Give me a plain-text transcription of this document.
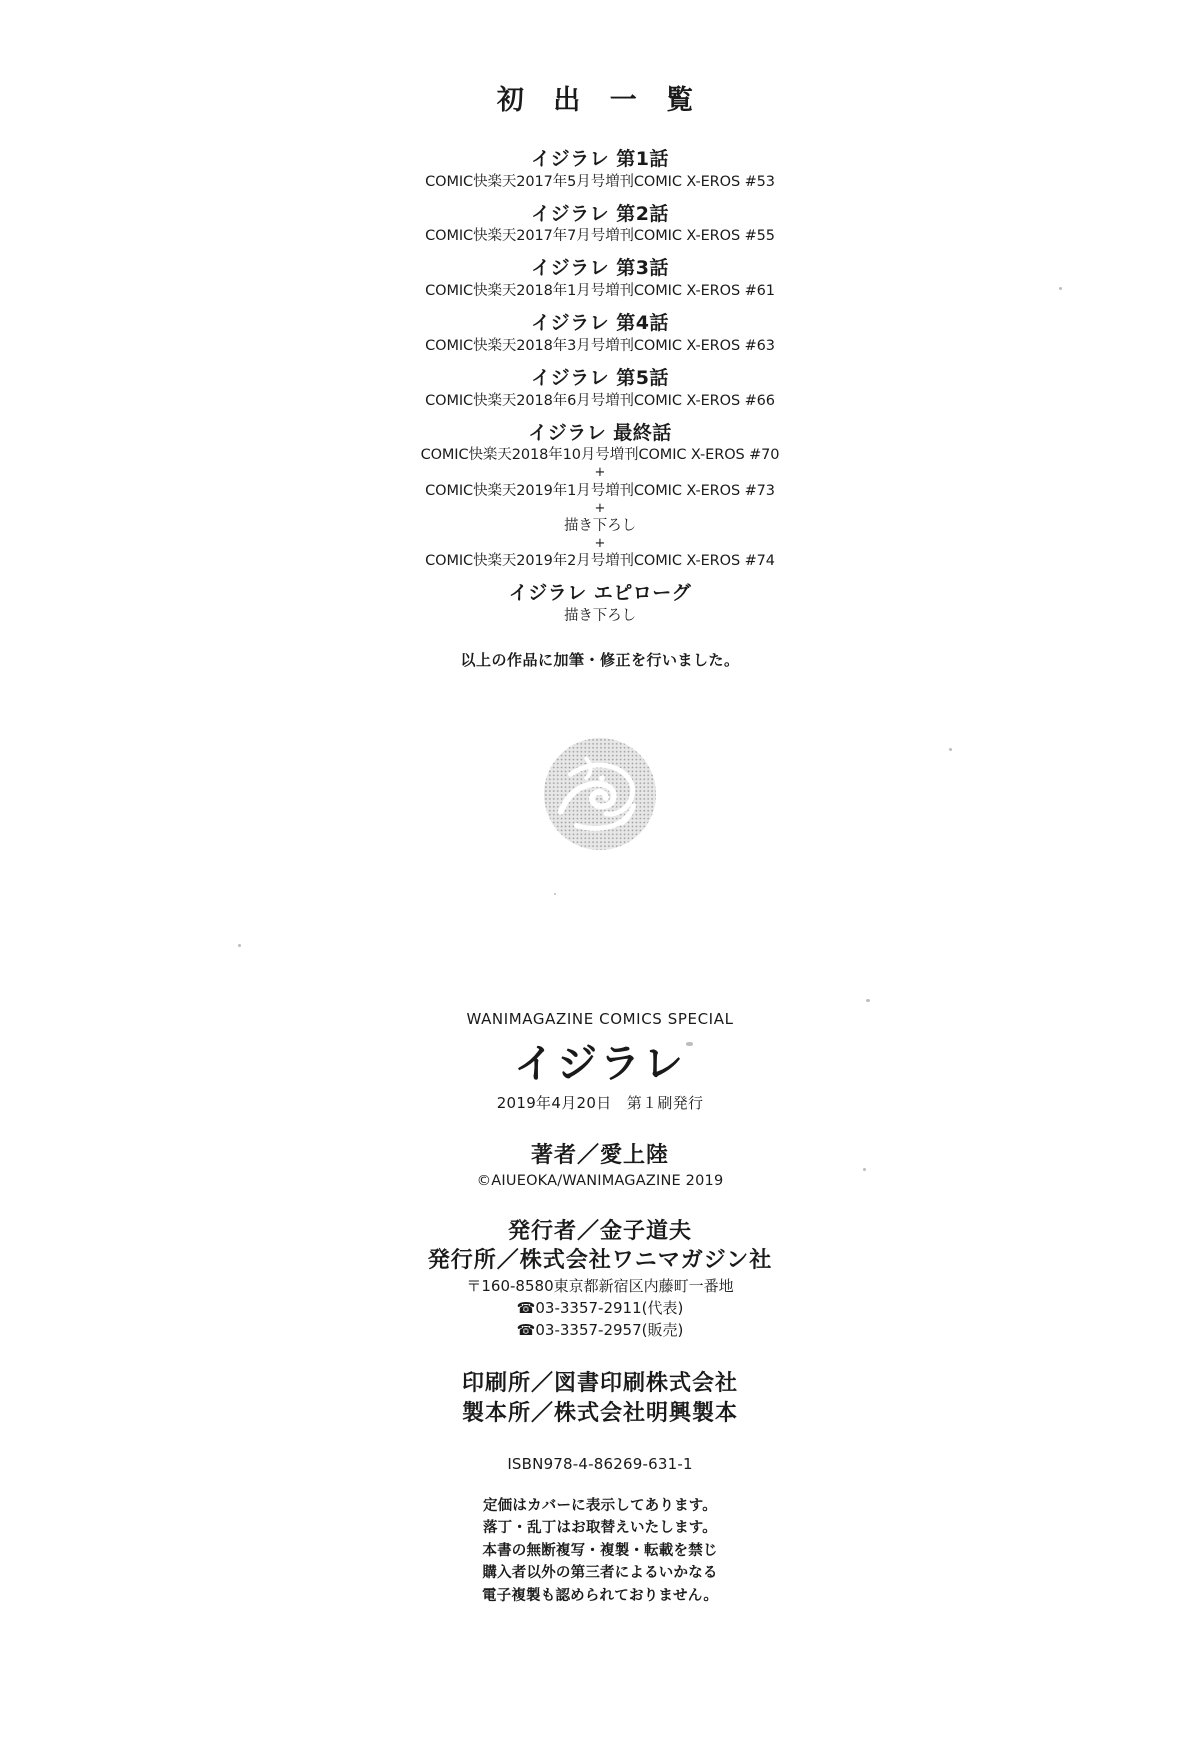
初 出 一 覧
イジラレ 第1話
COMIC快楽天2017年5月号増刊COMIC X-EROS #53
イジラレ 第2話
COMIC快楽天2017年7月号増刊COMIC X-EROS #55
イジラレ 第3話
COMIC快楽天2018年1月号増刊COMIC X-EROS #61
イジラレ 第4話
COMIC快楽天2018年3月号増刊COMIC X-EROS #63
イジラレ 第5話
COMIC快楽天2018年6月号増刊COMIC X-EROS #66
イジラレ 最終話
COMIC快楽天2018年10月号増刊COMIC X-EROS #70
+
COMIC快楽天2019年1月号増刊COMIC X-EROS #73
+
描き下ろし
+
COMIC快楽天2019年2月号増刊COMIC X-EROS #74
イジラレ エピローグ
描き下ろし
以上の作品に加筆・修正を行いました。
WANIMAGAZINE COMICS SPECIAL
イジラレ
2019年4月20日　第１刷発行
著者／愛上陸
©AIUEOKA/WANIMAGAZINE 2019
発行者／金子道夫
発行所／株式会社ワニマガジン社
〒160-8580東京都新宿区内藤町一番地
☎03-3357-2911(代表)
☎03-3357-2957(販売)
印刷所／図書印刷株式会社
製本所／株式会社明興製本
ISBN978-4-86269-631-1
定価はカバーに表示してあります。
落丁・乱丁はお取替えいたします。
本書の無断複写・複製・転載を禁じ
購入者以外の第三者によるいかなる
電子複製も認められておりません。
